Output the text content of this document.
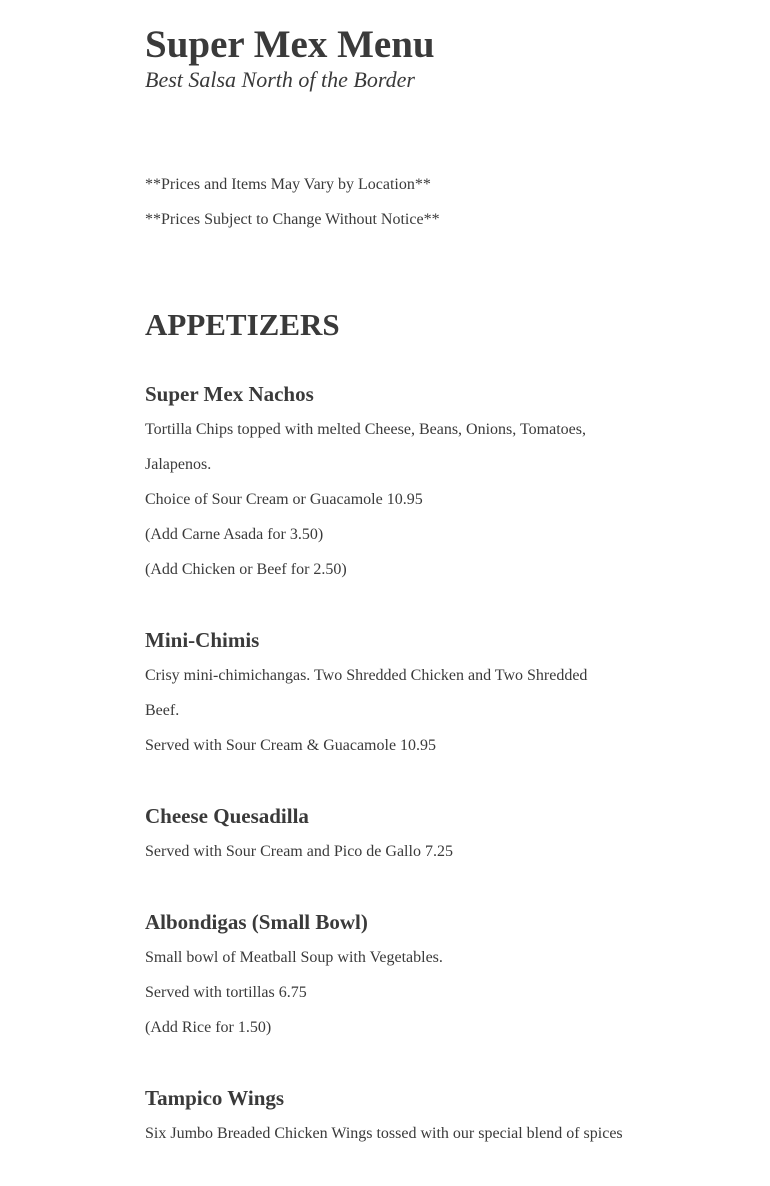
Super Mex Menu

Best Salsa North of the Border

**Prices and Items May Vary by Location**

**Prices Subject to Change Without Notice**

APPETIZERS
Super Mex Nachos

Tortilla Chips topped with melted Cheese, Beans, Onions, Tomatoes,

Jalapenos.

Choice of Sour Cream or Guacamole 10.95

(Add Carne Asada for 3.50)

(Add Chicken or Beef for 2.50)

Mini-Chimis

Crisy mini-chimichangas. Two Shredded Chicken and Two Shredded

Beef.

Served with Sour Cream & Guacamole 10.95

Cheese Quesadilla

Served with Sour Cream and Pico de Gallo 7.25

Albondigas (Small Bowl)

Small bowl of Meatball Soup with Vegetables.

Served with tortillas 6.75

(Add Rice for 1.50)

Tampico Wings

Six Jumbo Breaded Chicken Wings tossed with our special blend of spices
